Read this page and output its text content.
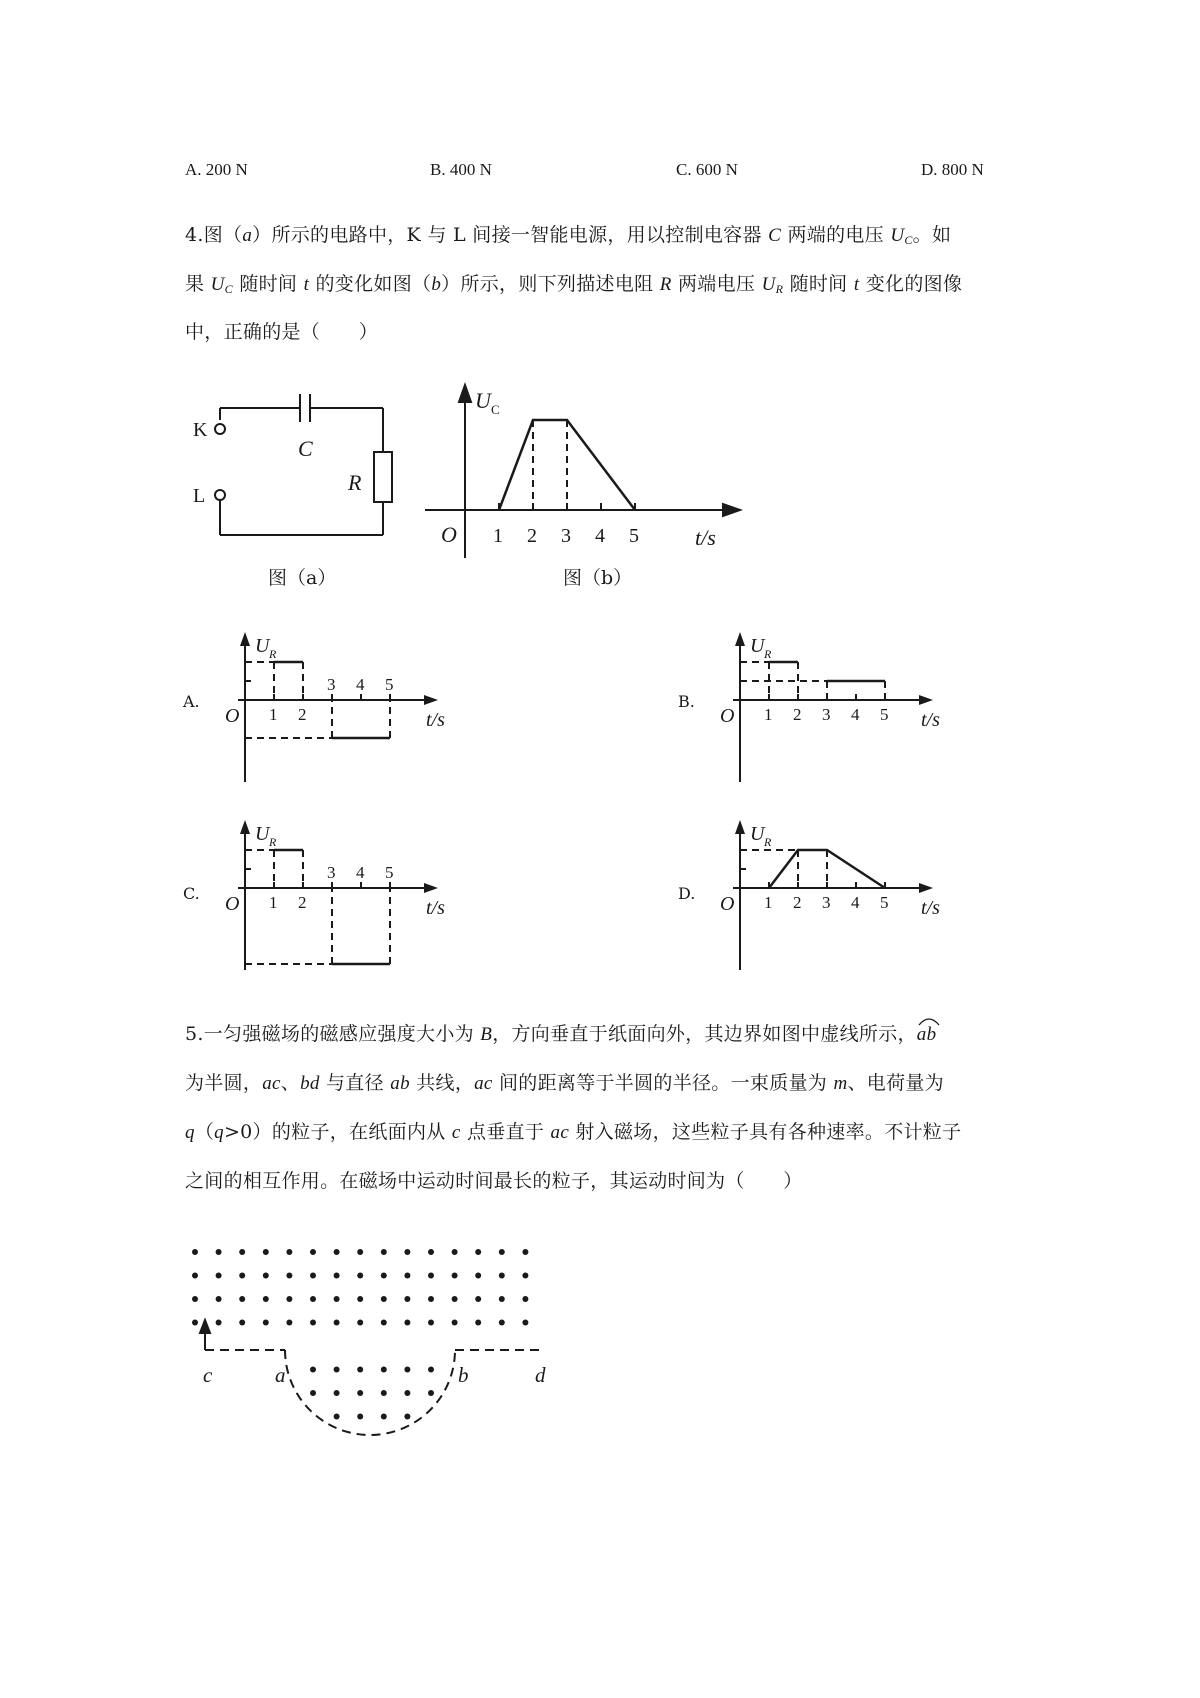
A. 200 N	B. 400 N	C. 600 N	D. 800 N
4.图（a）所示的电路中，K 与 L 间接一智能电源，用以控制电容器 C 两端的电压 $U_C$。如
果 $U_C$ 随时间 t 的变化如图（b）所示，则下列描述电阻 R 两端电压 $U_R$ 随时间 t 变化的图像
中，正确的是（　　）
K
L
C
R
图（a）
1 2 3 4 5
U C
O	t/s
图（b）
A.	B.
C.	D.
U R
O	t/s
1 2
3 4 5
U R
O	t/s
1 2 3 4 5
U R
O	t/s
1 2
3 4 5
U R
O	t/s
1 2 3 4 5
5.一匀强磁场的磁感应强度大小为 B，方向垂直于纸面向外，其边界如图中虚线所示，ab
为半圆，ac、bd 与直径 ab 共线，ac 间的距离等于半圆的半径。一束质量为 m、电荷量为
q（q>0）的粒子，在纸面内从 c 点垂直于 ac 射入磁场，这些粒子具有各种速率。不计粒子
之间的相互作用。在磁场中运动时间最长的粒子，其运动时间为（　　）
c	a	b	d
